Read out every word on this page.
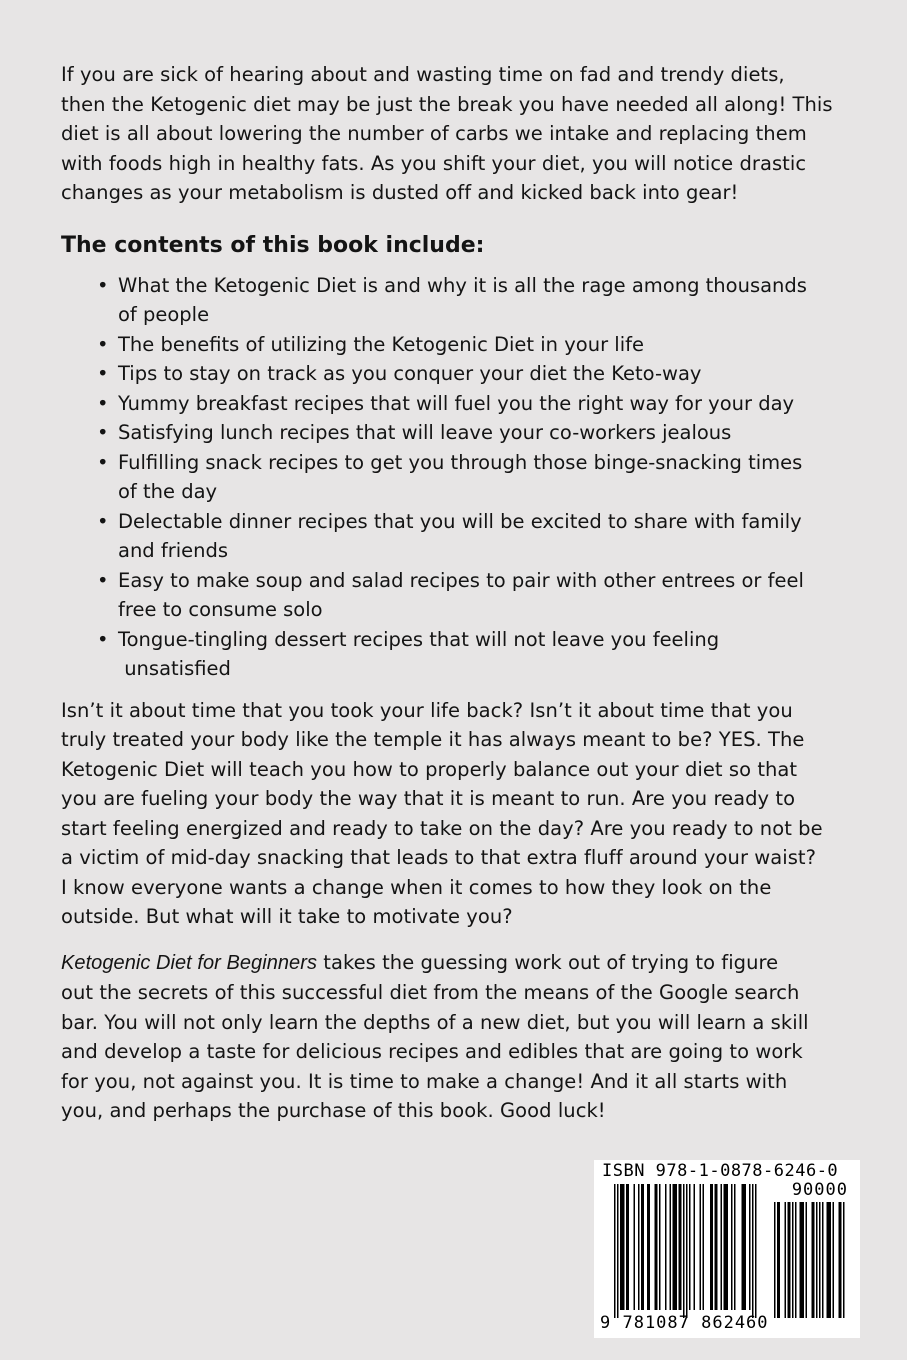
If you are sick of hearing about and wasting time on fad and trendy diets,
then the Ketogenic diet may be just the break you have needed all along! This
diet is all about lowering the number of carbs we intake and replacing them
with foods high in healthy fats. As you shift your diet, you will notice drastic
changes as your metabolism is dusted off and kicked back into gear!

The contents of this book include:
• What the Ketogenic Diet is and why it is all the rage among thousands
of people
• The benefits of utilizing the Ketogenic Diet in your life
• Tips to stay on track as you conquer your diet the Keto-way
• Yummy breakfast recipes that will fuel you the right way for your day
• Satisfying lunch recipes that will leave your co-workers jealous
• Fulfilling snack recipes to get you through those binge-snacking times
of the day
• Delectable dinner recipes that you will be excited to share with family
and friends
• Easy to make soup and salad recipes to pair with other entrees or feel
free to consume solo
• Tongue-tingling dessert recipes that will not leave you feeling
unsatisfied

Isn’t it about time that you took your life back? Isn’t it about time that you
truly treated your body like the temple it has always meant to be? YES. The
Ketogenic Diet will teach you how to properly balance out your diet so that
you are fueling your body the way that it is meant to run. Are you ready to
start feeling energized and ready to take on the day? Are you ready to not be
a victim of mid-day snacking that leads to that extra fluff around your waist?
I know everyone wants a change when it comes to how they look on the
outside. But what will it take to motivate you?

Ketogenic Diet for Beginners takes the guessing work out of trying to figure
out the secrets of this successful diet from the means of the Google search
bar. You will not only learn the depths of a new diet, but you will learn a skill
and develop a taste for delicious recipes and edibles that are going to work
for you, not against you. It is time to make a change! And it all starts with
you, and perhaps the purchase of this book. Good luck!

ISBN 978-1-0878-6246-0
90000
9 781087 862460
